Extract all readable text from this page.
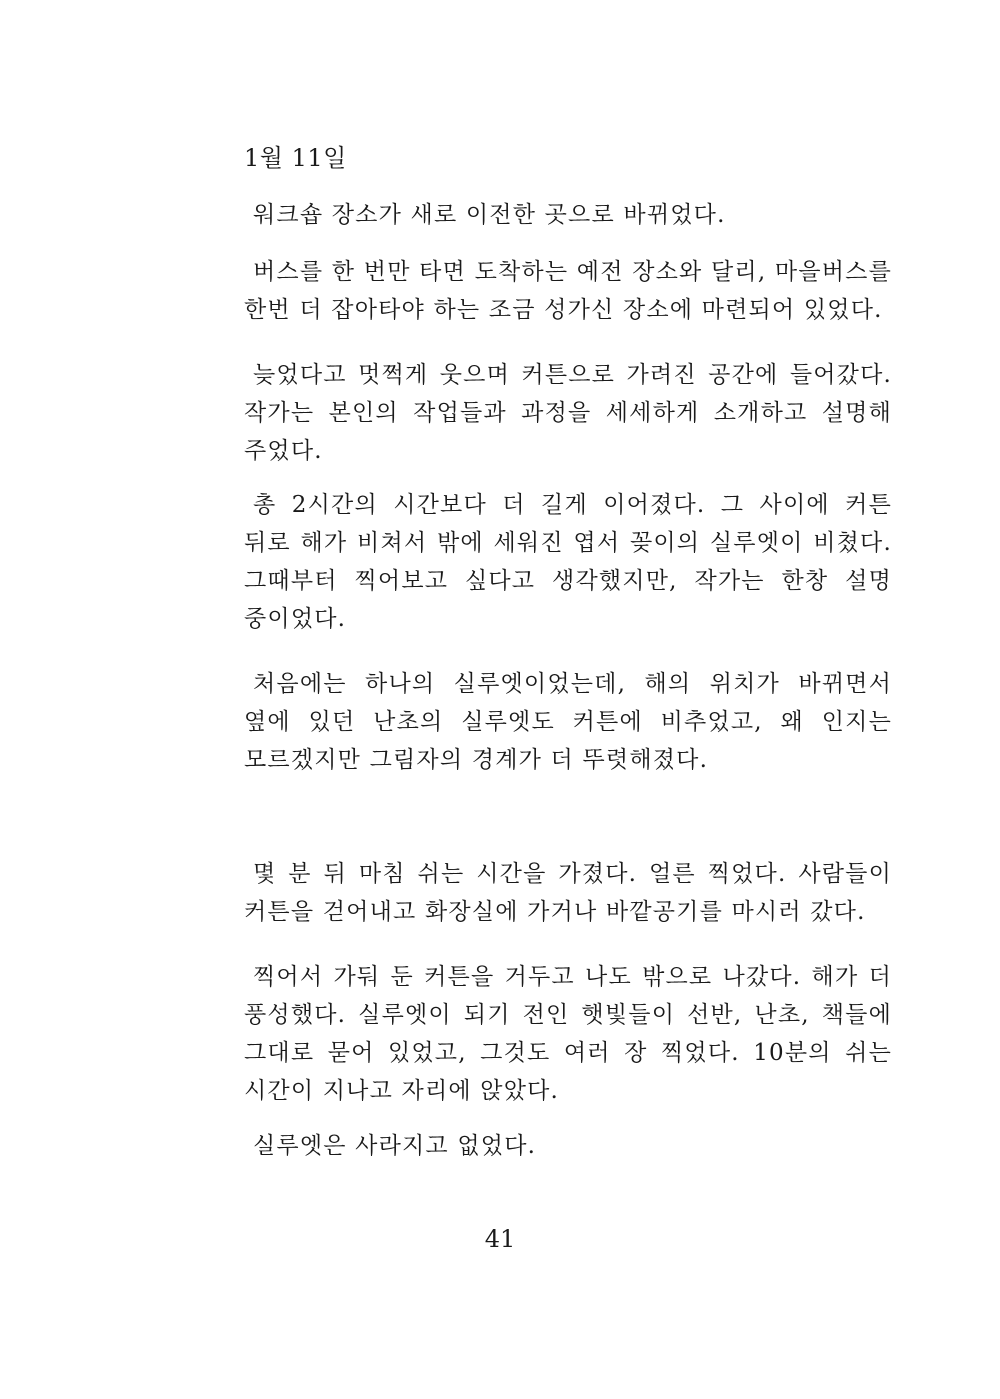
1월 11일

워크숍 장소가 새로 이전한 곳으로 바뀌었다.

버스를 한 번만 타면 도착하는 예전 장소와 달리, 마을버스를 한번 더 잡아타야 하는 조금 성가신 장소에 마련되어 있었다.

늦었다고 멋쩍게 웃으며 커튼으로 가려진 공간에 들어갔다. 작가는 본인의 작업들과 과정을 세세하게 소개하고 설명해 주었다.

총 2시간의 시간보다 더 길게 이어졌다. 그 사이에 커튼 뒤로 해가 비쳐서 밖에 세워진 엽서 꽂이의 실루엣이 비쳤다. 그때부터 찍어보고 싶다고 생각했지만, 작가는 한창 설명 중이었다.

처음에는 하나의 실루엣이었는데, 해의 위치가 바뀌면서 옆에 있던 난초의 실루엣도 커튼에 비추었고, 왜 인지는 모르겠지만 그림자의 경계가 더 뚜렷해졌다.

몇 분 뒤 마침 쉬는 시간을 가졌다. 얼른 찍었다. 사람들이 커튼을 걷어내고 화장실에 가거나 바깥공기를 마시러 갔다.

찍어서 가둬 둔 커튼을 거두고 나도 밖으로 나갔다. 해가 더 풍성했다. 실루엣이 되기 전인 햇빛들이 선반, 난초, 책들에 그대로 묻어 있었고, 그것도 여러 장 찍었다. 10분의 쉬는 시간이 지나고 자리에 앉았다.

실루엣은 사라지고 없었다.

41
